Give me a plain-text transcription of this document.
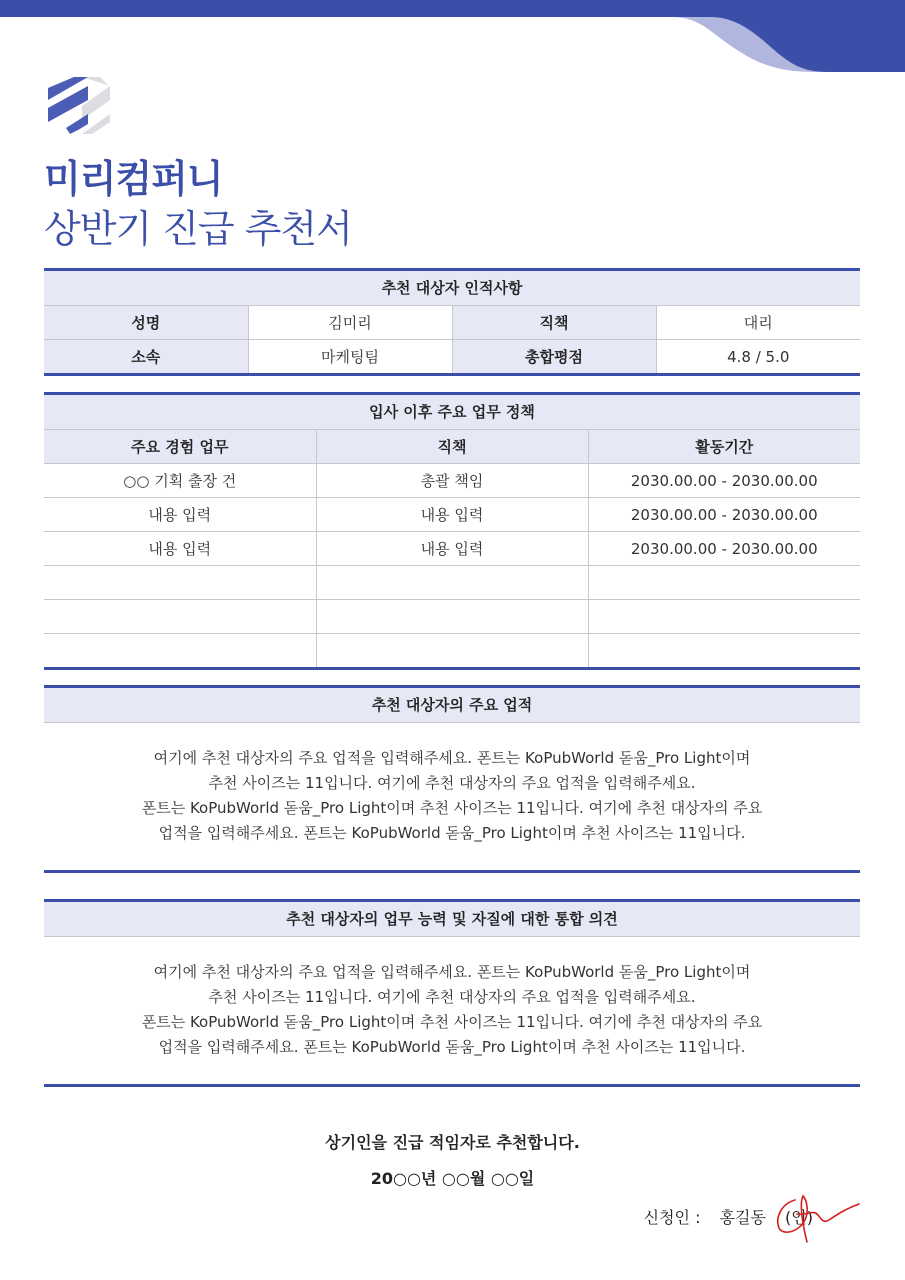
미리컴퍼니
상반기 진급 추천서
추천 대상자 인적사항
성명	김미리	직책	대리
소속	마케팅팀	총합평점	4.8 / 5.0
입사 이후 주요 업무 정책
주요 경험 업무	직책	활동기간
○○ 기획 출장 건	총괄 책임	2030.00.00 - 2030.00.00
내용 입력	내용 입력	2030.00.00 - 2030.00.00
내용 입력	내용 입력	2030.00.00 - 2030.00.00

추천 대상자의 주요 업적
여기에 추천 대상자의 주요 업적을 입력해주세요. 폰트는 KoPubWorld 돋움_Pro Light이며
추천 사이즈는 11입니다. 여기에 추천 대상자의 주요 업적을 입력해주세요.
폰트는 KoPubWorld 돋움_Pro Light이며 추천 사이즈는 11입니다. 여기에 추천 대상자의 주요
업적을 입력해주세요. 폰트는 KoPubWorld 돋움_Pro Light이며 추천 사이즈는 11입니다.
추천 대상자의 업무 능력 및 자질에 대한 통합 의견
여기에 추천 대상자의 주요 업적을 입력해주세요. 폰트는 KoPubWorld 돋움_Pro Light이며
추천 사이즈는 11입니다. 여기에 추천 대상자의 주요 업적을 입력해주세요.
폰트는 KoPubWorld 돋움_Pro Light이며 추천 사이즈는 11입니다. 여기에 추천 대상자의 주요
업적을 입력해주세요. 폰트는 KoPubWorld 돋움_Pro Light이며 추천 사이즈는 11입니다.
상기인을 진급 적임자로 추천합니다.
20○○년 ○○월 ○○일
신청인 : 홍길동 (인)
